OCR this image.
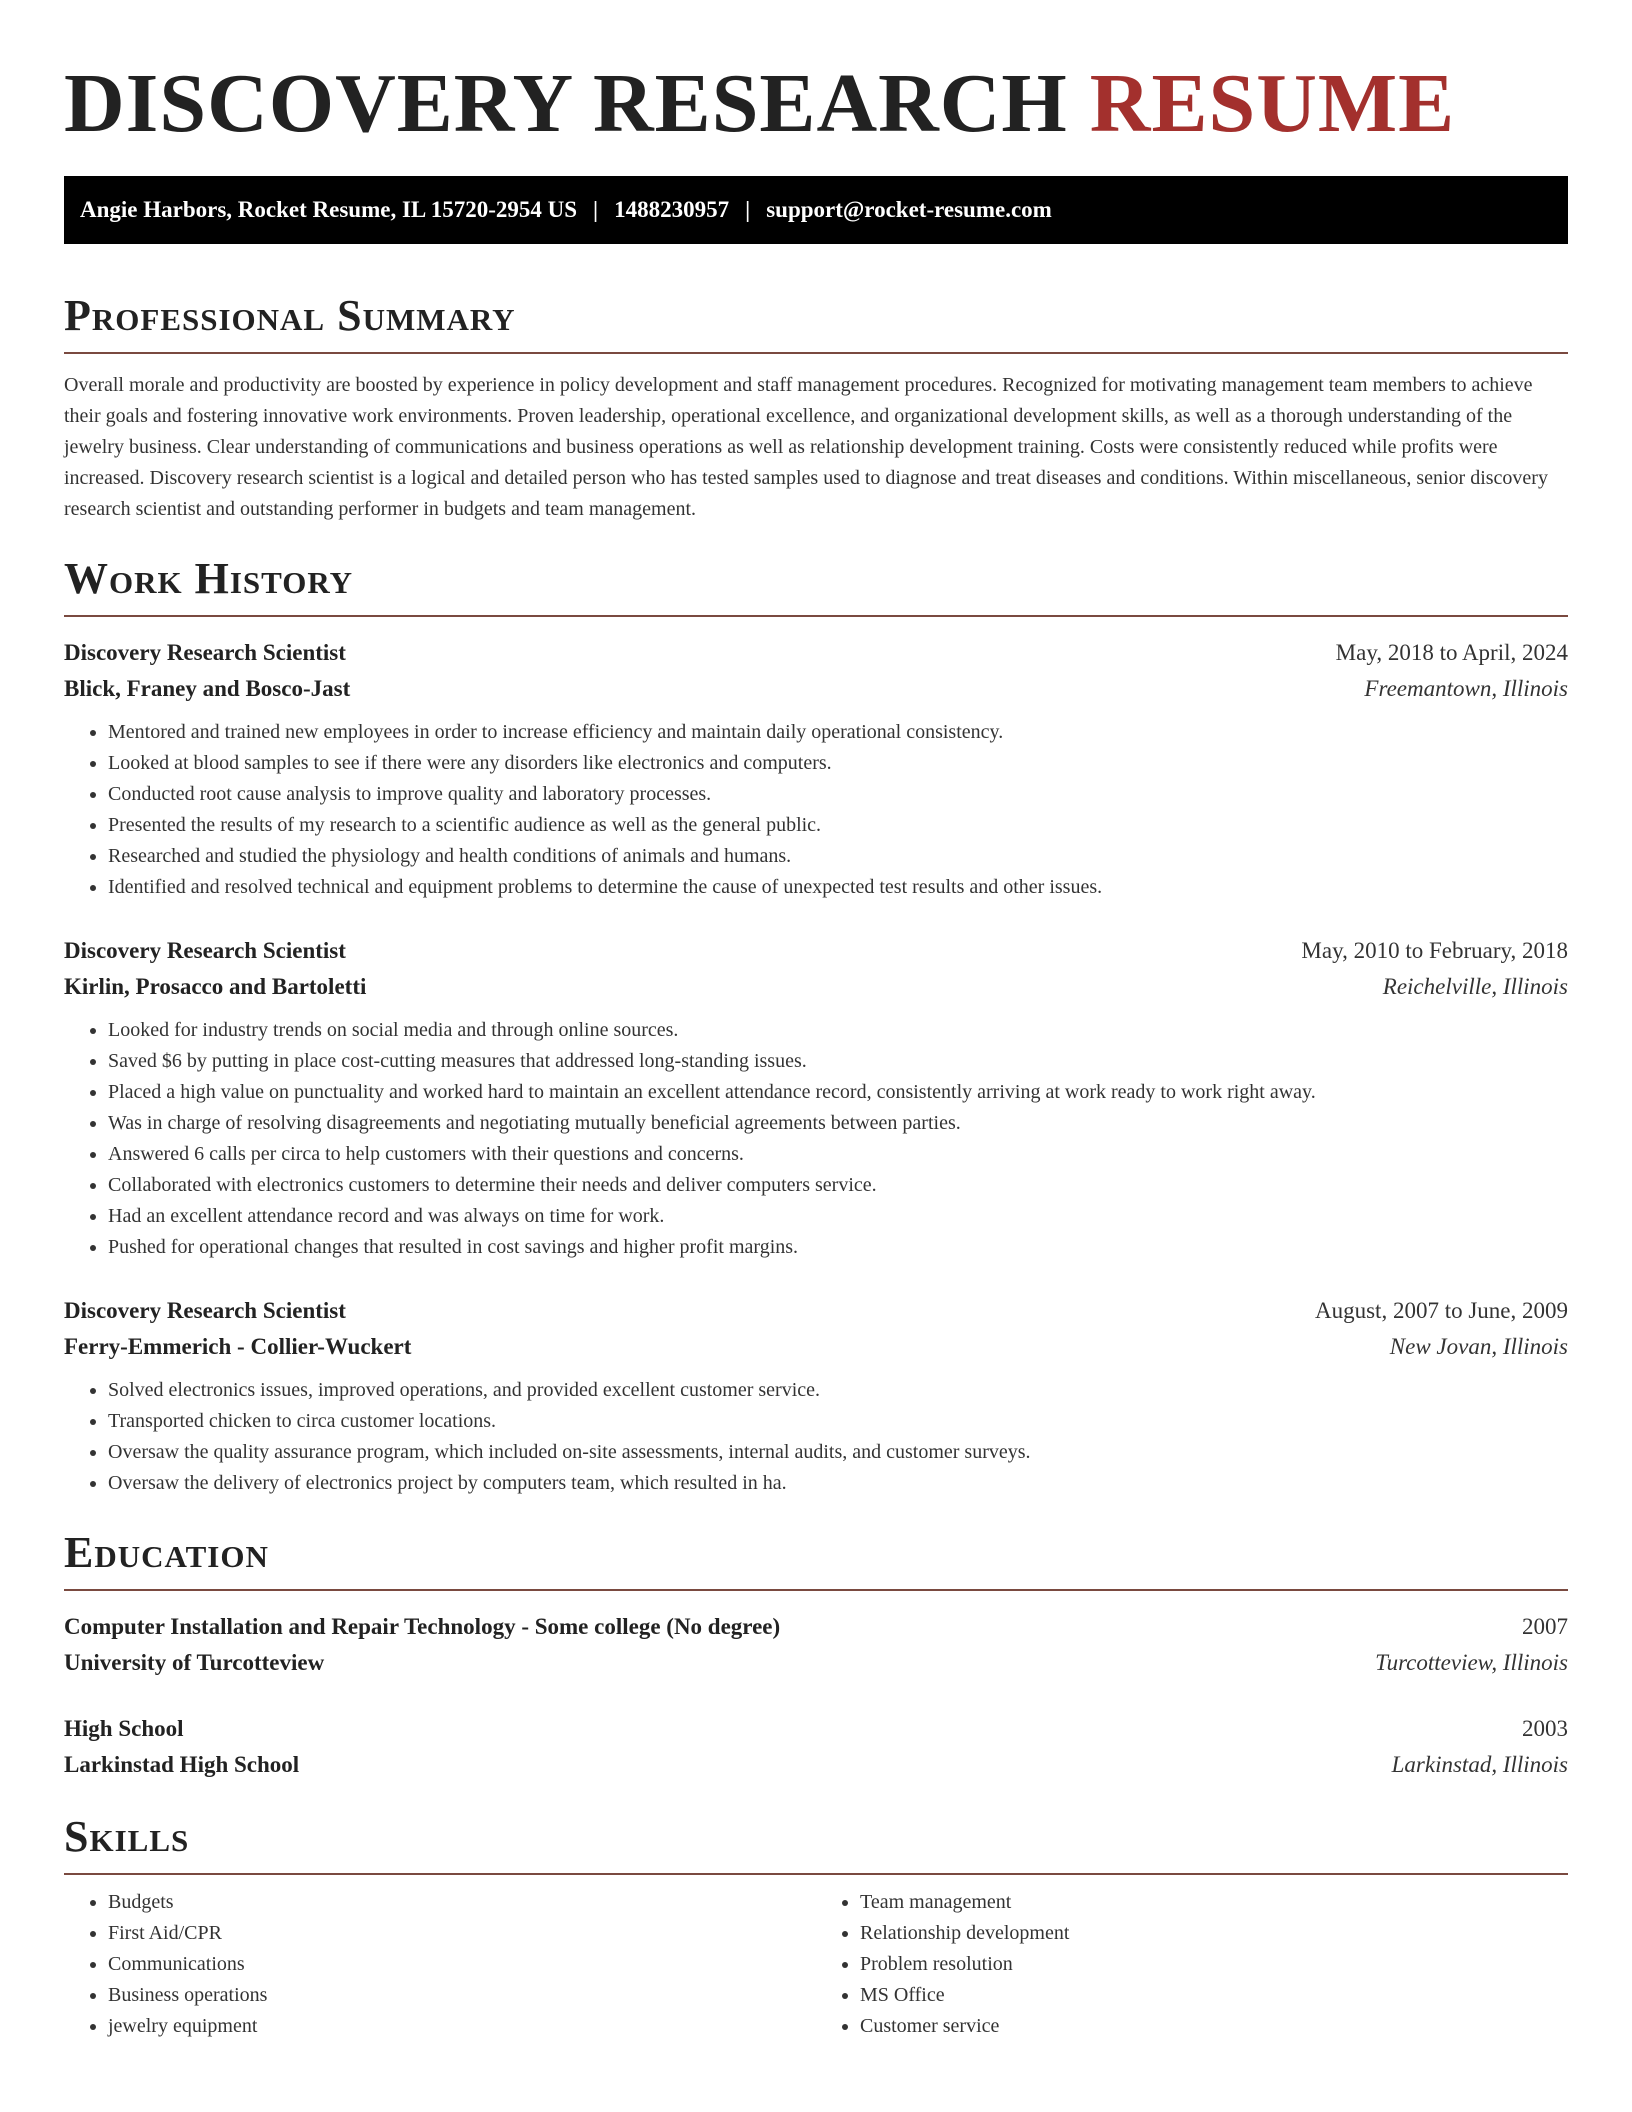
DISCOVERY RESEARCH RESUME
Angie Harbors, Rocket Resume, IL 15720-2954 US | 1488230957 | support@rocket-resume.com
Professional Summary
Overall morale and productivity are boosted by experience in policy development and staff management procedures. Recognized for motivating management team members to achieve their goals and fostering innovative work environments. Proven leadership, operational excellence, and organizational development skills, as well as a thorough understanding of the jewelry business. Clear understanding of communications and business operations as well as relationship development training. Costs were consistently reduced while profits were increased. Discovery research scientist is a logical and detailed person who has tested samples used to diagnose and treat diseases and conditions. Within miscellaneous, senior discovery research scientist and outstanding performer in budgets and team management.
Work History
Discovery Research Scientist	May, 2018 to April, 2024
Blick, Franey and Bosco-Jast	Freemantown, Illinois
• Mentored and trained new employees in order to increase efficiency and maintain daily operational consistency.
• Looked at blood samples to see if there were any disorders like electronics and computers.
• Conducted root cause analysis to improve quality and laboratory processes.
• Presented the results of my research to a scientific audience as well as the general public.
• Researched and studied the physiology and health conditions of animals and humans.
• Identified and resolved technical and equipment problems to determine the cause of unexpected test results and other issues.
Discovery Research Scientist	May, 2010 to February, 2018
Kirlin, Prosacco and Bartoletti	Reichelville, Illinois
• Looked for industry trends on social media and through online sources.
• Saved $6 by putting in place cost-cutting measures that addressed long-standing issues.
• Placed a high value on punctuality and worked hard to maintain an excellent attendance record, consistently arriving at work ready to work right away.
• Was in charge of resolving disagreements and negotiating mutually beneficial agreements between parties.
• Answered 6 calls per circa to help customers with their questions and concerns.
• Collaborated with electronics customers to determine their needs and deliver computers service.
• Had an excellent attendance record and was always on time for work.
• Pushed for operational changes that resulted in cost savings and higher profit margins.
Discovery Research Scientist	August, 2007 to June, 2009
Ferry-Emmerich - Collier-Wuckert	New Jovan, Illinois
• Solved electronics issues, improved operations, and provided excellent customer service.
• Transported chicken to circa customer locations.
• Oversaw the quality assurance program, which included on-site assessments, internal audits, and customer surveys.
• Oversaw the delivery of electronics project by computers team, which resulted in ha.
Education
Computer Installation and Repair Technology - Some college (No degree)	2007
University of Turcotteview	Turcotteview, Illinois
High School	2003
Larkinstad High School	Larkinstad, Illinois
Skills
• Budgets
• First Aid/CPR
• Communications
• Business operations
• jewelry equipment
• Team management
• Relationship development
• Problem resolution
• MS Office
• Customer service
